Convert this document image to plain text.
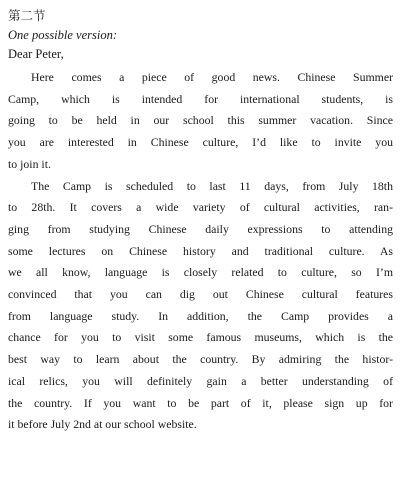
第二节
One possible version:
Dear Peter,
Here comes a piece of good news. Chinese Summer
Camp, which is intended for international students, is
going to be held in our school this summer vacation. Since
you are interested in Chinese culture, I’d like to invite you
to join it.
The Camp is scheduled to last 11 days, from July 18th
to 28th. It covers a wide variety of cultural activities, ran-
ging from studying Chinese daily expressions to attending
some lectures on Chinese history and traditional culture. As
we all know, language is closely related to culture, so I’m
convinced that you can dig out Chinese cultural features
from language study. In addition, the Camp provides a
chance for you to visit some famous museums, which is the
best way to learn about the country. By admiring the histor-
ical relics, you will definitely gain a better understanding of
the country. If you want to be part of it, please sign up for
it before July 2nd at our school website.
